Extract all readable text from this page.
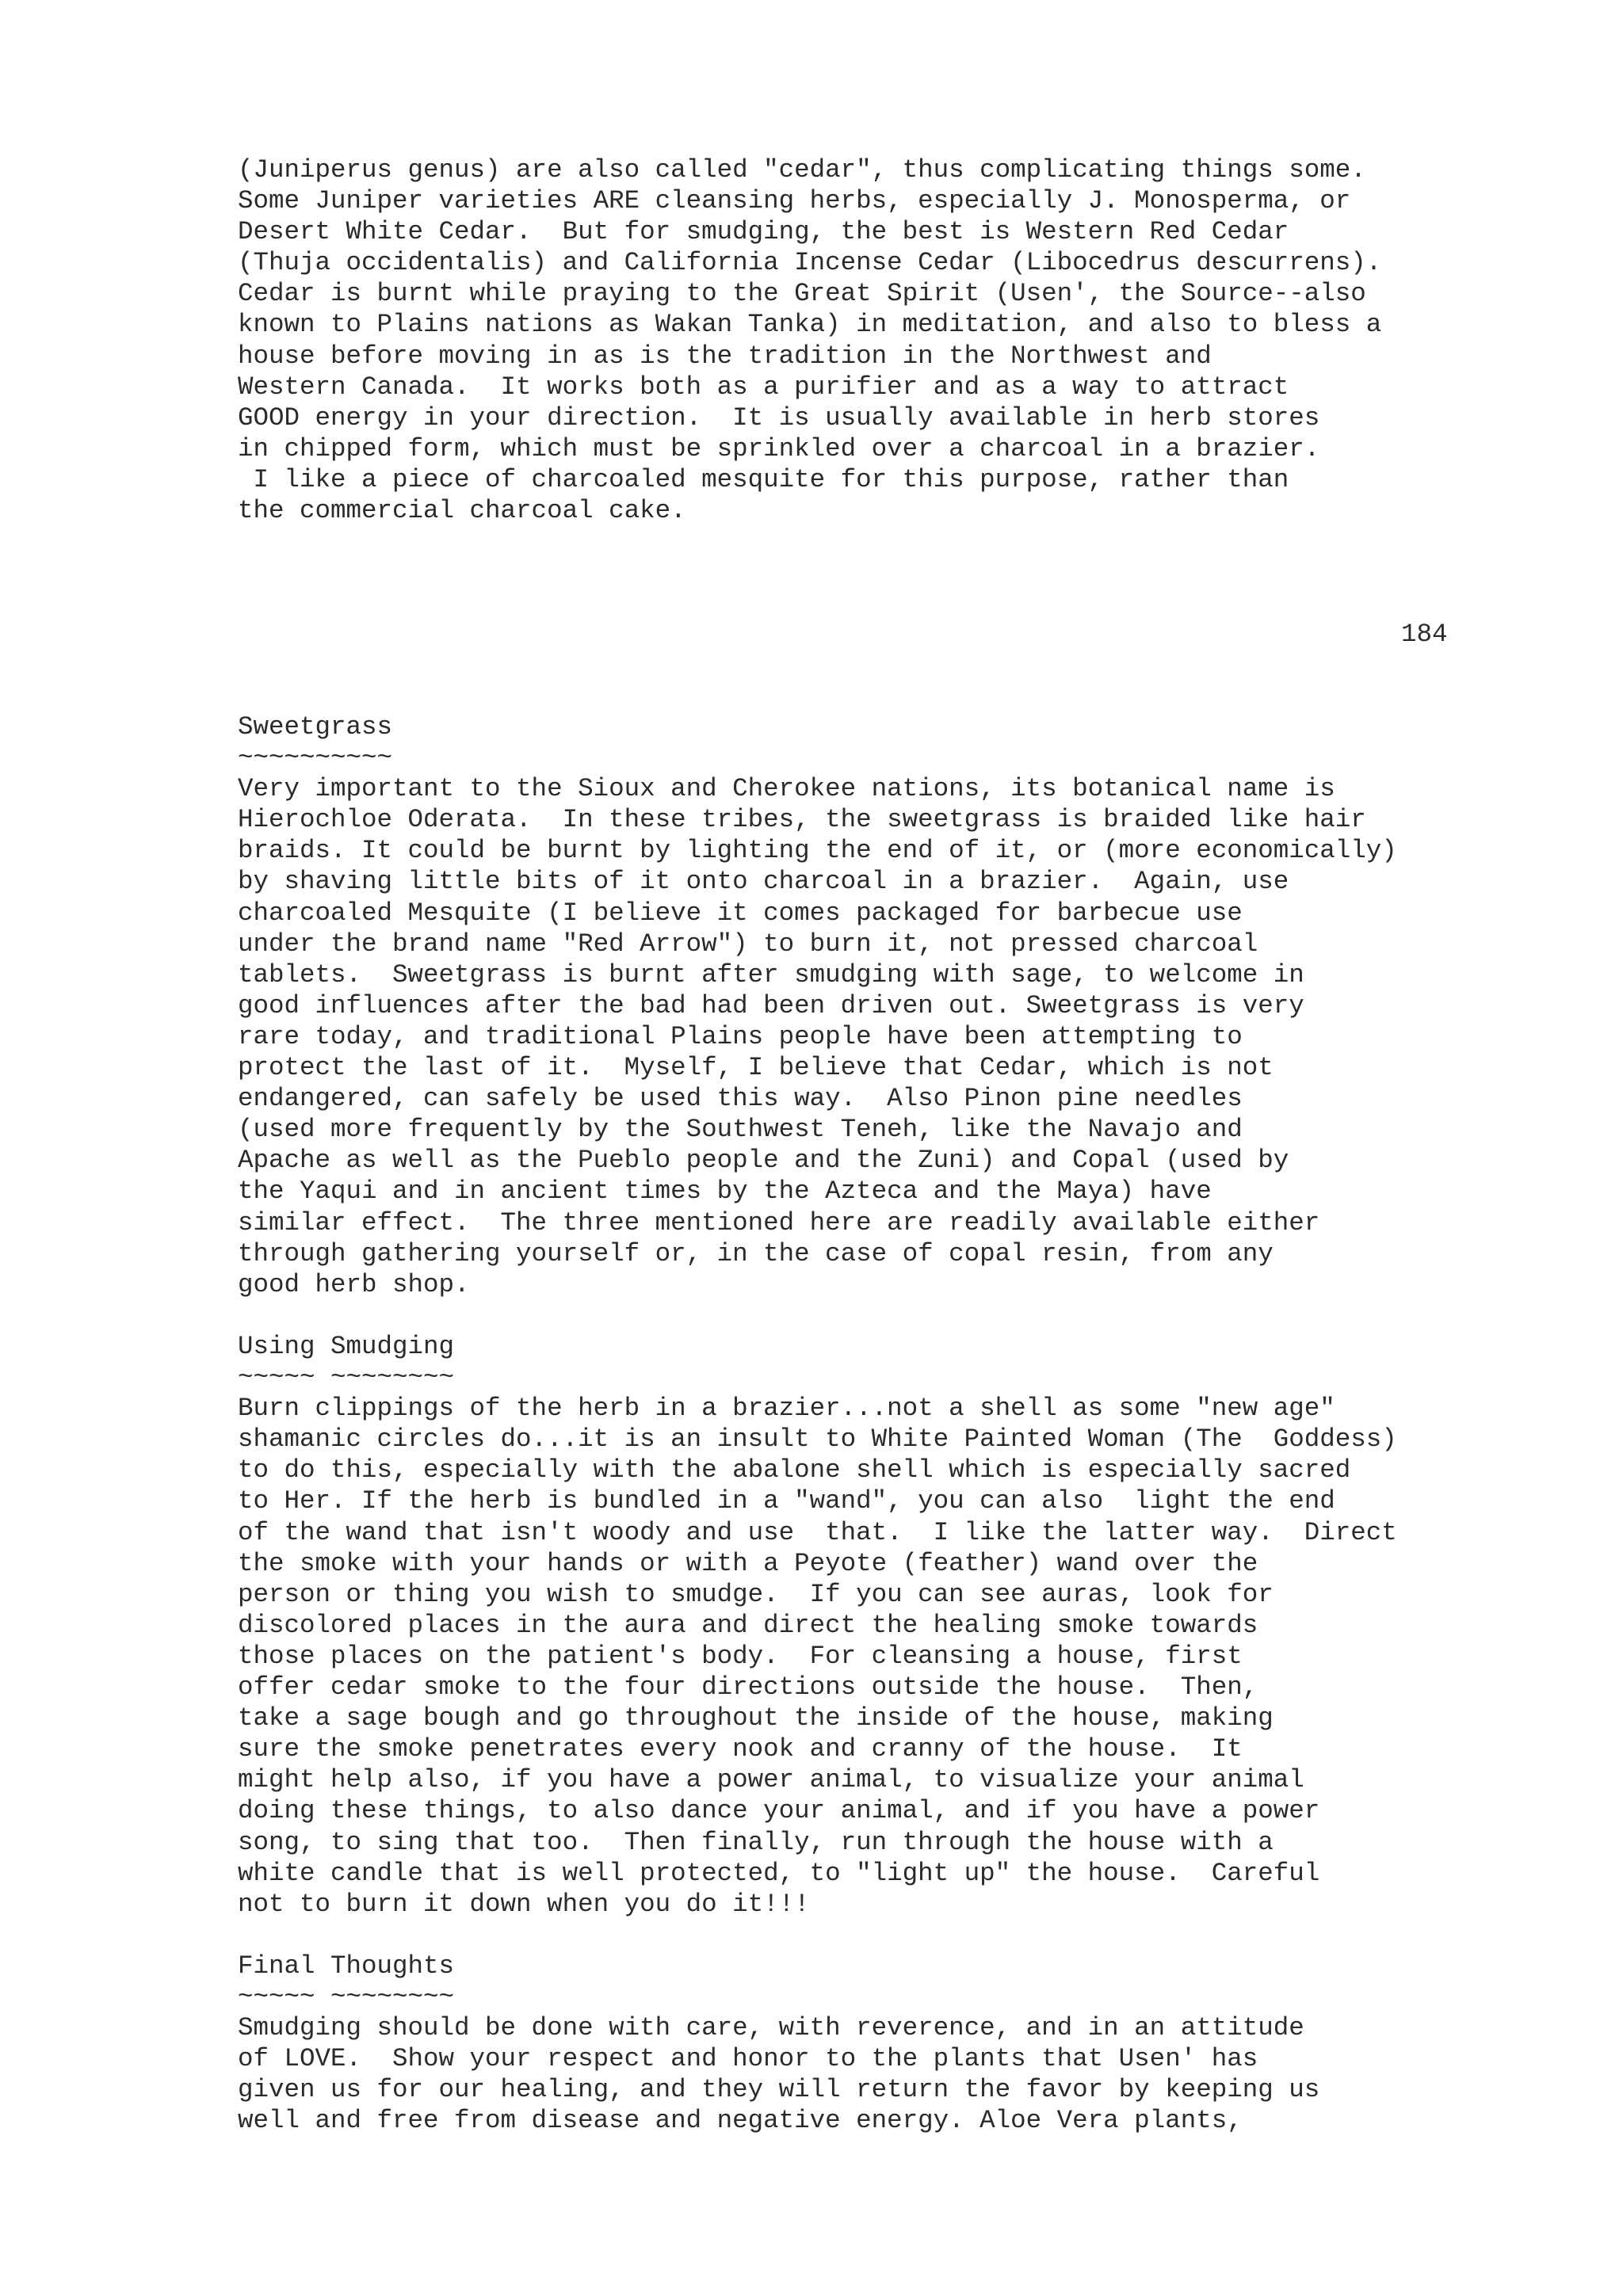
(Juniperus genus) are also called "cedar", thus complicating things some.
Some Juniper varieties ARE cleansing herbs, especially J. Monosperma, or
Desert White Cedar.  But for smudging, the best is Western Red Cedar
(Thuja occidentalis) and California Incense Cedar (Libocedrus descurrens).
Cedar is burnt while praying to the Great Spirit (Usen', the Source--also
known to Plains nations as Wakan Tanka) in meditation, and also to bless a
house before moving in as is the tradition in the Northwest and
Western Canada.  It works both as a purifier and as a way to attract
GOOD energy in your direction.  It is usually available in herb stores
in chipped form, which must be sprinkled over a charcoal in a brazier.
I like a piece of charcoaled mesquite for this purpose, rather than
the commercial charcoal cake.
184
Sweetgrass
~~~~~~~~~~
Very important to the Sioux and Cherokee nations, its botanical name is
Hierochloe Oderata.  In these tribes, the sweetgrass is braided like hair
braids. It could be burnt by lighting the end of it, or (more economically)
by shaving little bits of it onto charcoal in a brazier.  Again, use
charcoaled Mesquite (I believe it comes packaged for barbecue use
under the brand name "Red Arrow") to burn it, not pressed charcoal
tablets.  Sweetgrass is burnt after smudging with sage, to welcome in
good influences after the bad had been driven out. Sweetgrass is very
rare today, and traditional Plains people have been attempting to
protect the last of it.  Myself, I believe that Cedar, which is not
endangered, can safely be used this way.  Also Pinon pine needles
(used more frequently by the Southwest Teneh, like the Navajo and
Apache as well as the Pueblo people and the Zuni) and Copal (used by
the Yaqui and in ancient times by the Azteca and the Maya) have
similar effect.  The three mentioned here are readily available either
through gathering yourself or, in the case of copal resin, from any
good herb shop.
Using Smudging
~~~~~ ~~~~~~~~
Burn clippings of the herb in a brazier...not a shell as some "new age"
shamanic circles do...it is an insult to White Painted Woman (The  Goddess)
to do this, especially with the abalone shell which is especially sacred
to Her. If the herb is bundled in a "wand", you can also  light the end
of the wand that isn't woody and use  that.  I like the latter way.  Direct
the smoke with your hands or with a Peyote (feather) wand over the
person or thing you wish to smudge.  If you can see auras, look for
discolored places in the aura and direct the healing smoke towards
those places on the patient's body.  For cleansing a house, first
offer cedar smoke to the four directions outside the house.  Then,
take a sage bough and go throughout the inside of the house, making
sure the smoke penetrates every nook and cranny of the house.  It
might help also, if you have a power animal, to visualize your animal
doing these things, to also dance your animal, and if you have a power
song, to sing that too.  Then finally, run through the house with a
white candle that is well protected, to "light up" the house.  Careful
not to burn it down when you do it!!!
Final Thoughts
~~~~~ ~~~~~~~~
Smudging should be done with care, with reverence, and in an attitude
of LOVE.  Show your respect and honor to the plants that Usen' has
given us for our healing, and they will return the favor by keeping us
well and free from disease and negative energy. Aloe Vera plants,
